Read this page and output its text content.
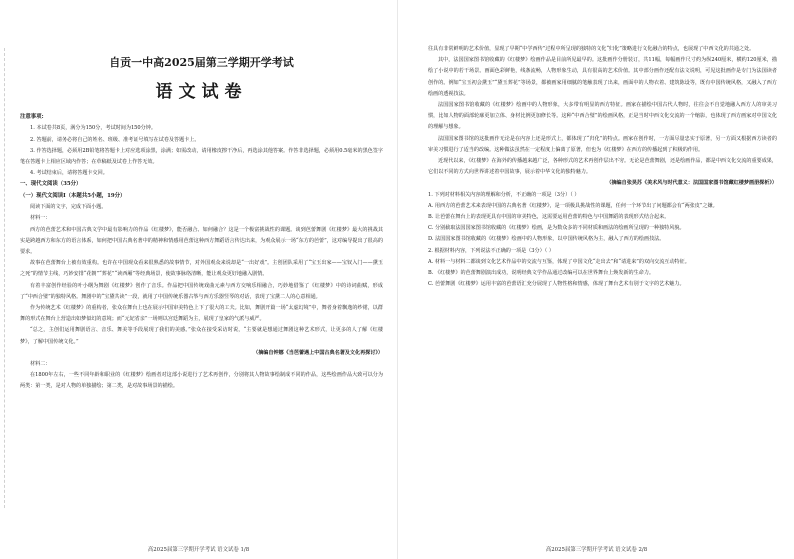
自贡一中高2025届第三学期开学考试
语文试卷

注意事项:

1. 本试卷共8页，满分为150分，考试时间为150分钟。

2. 答题前，请务必将自己的姓名、班级、准考证号填写在试卷及答题卡上。

3. 作答选择题，必须用2B铅笔将答题卡上对应选项涂黑，涂满；如需改动，请用橡皮擦干净后，再选涂其他答案。作答非选择题，必须用0.5毫米的黑色签字笔在答题卡上相应区域内作答；在草稿纸及试卷上作答无效。

4. 考试结束后，请将答题卡交回。

一、现代文阅读（35分）

（一）现代文阅读Ⅰ（本题共5小题，19分）

阅读下面的文字，完成下面小题。

材料一：

西方的芭蕾艺术和中国古典文学中最有影响力的作品《红楼梦》，能否融合、如何融合？这是一个极富挑战性的课题。谈到芭蕾舞剧《红楼梦》最大的挑战其实是跨越西方和东方的语言体系，如何把中国古典名著中的精神和情感用芭蕾这种西方舞蹈语言传达出来，为观众展示一场“东方的芭蕾”，这对编导提出了很高的要求。

故事在芭蕾舞台上被有效重构。也许在中国观众看来很熟悉的故事情节，对外国观众来说却是“一出好戏”。主创团队采用了“宝玉出家——宝钗入门——黛玉之死”的情节主线，巧妙安排“花朝”“葬花”“读西厢”等经典场景，使故事脉络清晰，能让观众更好地融入剧情。

有着丰富创作经验的叶小纲为舞剧《红楼梦》创作了音乐。作品把中国传统戏曲元素与西方交响乐相融合，巧妙地借鉴了《红楼梦》中的诗词曲赋，形成了“中西合璧”的独特风格。舞剧中的“宝黛共读”一段，就用了中国传统乐器古筝与西方乐器竖琴的对话，表现了宝黛二人的心意相通。

作为传统艺术《红楼梦》的重构者，张众在舞台上也在展示中国审美特色上下了很大的工夫。比如，舞剧开篇一场“太虚幻境”中，舞者身着飘逸的纱裙，以群舞的形式在舞台上营造出如梦似幻的意境；而“元妃省亲”一场则以宫廷舞蹈为主，展现了皇家的气派与威严。

“总之，主创们运用舞剧语言、音乐、舞美等手段展现了我们的美感。”张众在接受采访时说，“主要就是想通过舞剧这种艺术形式，让更多的人了解《红楼梦》，了解中国传统文化。”

（摘编自钟娜《当芭蕾遇上中国古典名著及文化再探讨》）

材料二：

在1800年左右，一些不同年龄和职业的《红楼梦》绘画者对这部小说进行了艺术再创作，分别将其人物故事绘制成不同的作品，这些绘画作品大致可以分为两类：第一类，是对人物的单独描绘；第二类，是对故事场景的描绘。

高2025届第三学期开学考试 语文试卷 1/8

往具有非常鲜明的艺术价值，显现了早期“中学西传”过程中所呈现的独特的文化“归化”策略进行文化融合的特点，也展现了中西文化的共通之处。

其中，法国国家图书馆收藏的《红楼梦》绘画作品是目前所见最早的。这批画作分册装订，共11幅，每幅画作尺寸约为纵240厘米，横约120厘米，描绘了小说中的若干场景。画面色彩鲜艳，线条流畅，人物形象生动，具有很高的艺术价值。其中部分画作还配有法文说明，可见这批画作是专门为法国读者创作的。例如“宝玉初会黛玉”“黛玉葬花”等场景，都被画家用细腻的笔触表现了出来，画面中的人物衣着、建筑陈设等，既有中国传统风格，又融入了西方绘画的透视技法。

法国国家图书馆收藏的《红楼梦》绘画中的人物形象，大多带有明显的西方特征。画家在描绘中国古代人物时，往往会不自觉地融入西方人的审美习惯，比如人物的面部轮廓更加立体、身材比例更加修长等。这种“中西合璧”的绘画风格，正是当时中西文化交流的一个缩影，也体现了西方画家对中国文化的理解与想象。

法国国家图书馆的这批画作无论是在内容上还是形式上，都体现了“归化”的特点。画家在创作时，一方面尽量忠实于原著，另一方面又根据西方读者的审美习惯进行了适当的改编。这种做法虽然在一定程度上偏离了原著，但也为《红楼梦》在西方的传播起到了积极的作用。

近现代以来，《红楼梦》在海外的传播越来越广泛，各种形式的艺术再创作层出不穷。无论是芭蕾舞剧，还是绘画作品，都是中西文化交流的重要成果，它们以不同的方式向世界讲述着中国故事，展示着中华文化的独特魅力。

（摘编自张昊苏《美术风与时代意义：法国国家图书馆藏红楼梦画册探析》）

1. 下列对材料相关内容的理解和分析，不正确的一项是（3分）（ ）

A. 用西方的芭蕾艺术来表现中国的古典名著《红楼梦》，是一项极具挑战性的课题，任何一个环节出了问题都会有“两张皮”之嫌。

B. 让芭蕾在舞台上的表现更具有中国的审美特色，这需要运用芭蕾的特色与中国舞蹈的表现形式结合起来。

C. 分别截取法国国家图书馆收藏的《红楼梦》绘画，是为数众多的不同材质和画法的绘画所呈现的一种独特风貌。

D. 法国国家图书馆收藏的《红楼梦》绘画中的人物形象，以中国传统风格为主，融入了西方的绘画技法。

2. 根据材料内容，下列说法不正确的一项是（3分）（ ）

A. 材料一与材料二都谈到文化艺术作品中的交流与互鉴，体现了中国文化“走出去”和“请进来”的双向交流互动特征。

B. 《红楼梦》的芭蕾舞剧演出成功，说明经典文学作品通过改编可以在世界舞台上焕发新的生命力。

C. 芭蕾舞剧《红楼梦》运用丰富的芭蕾语汇充分展现了人物性格和情感，体现了舞台艺术有别于文字的艺术魅力。

高2025届第三学期开学考试 语文试卷 2/8
